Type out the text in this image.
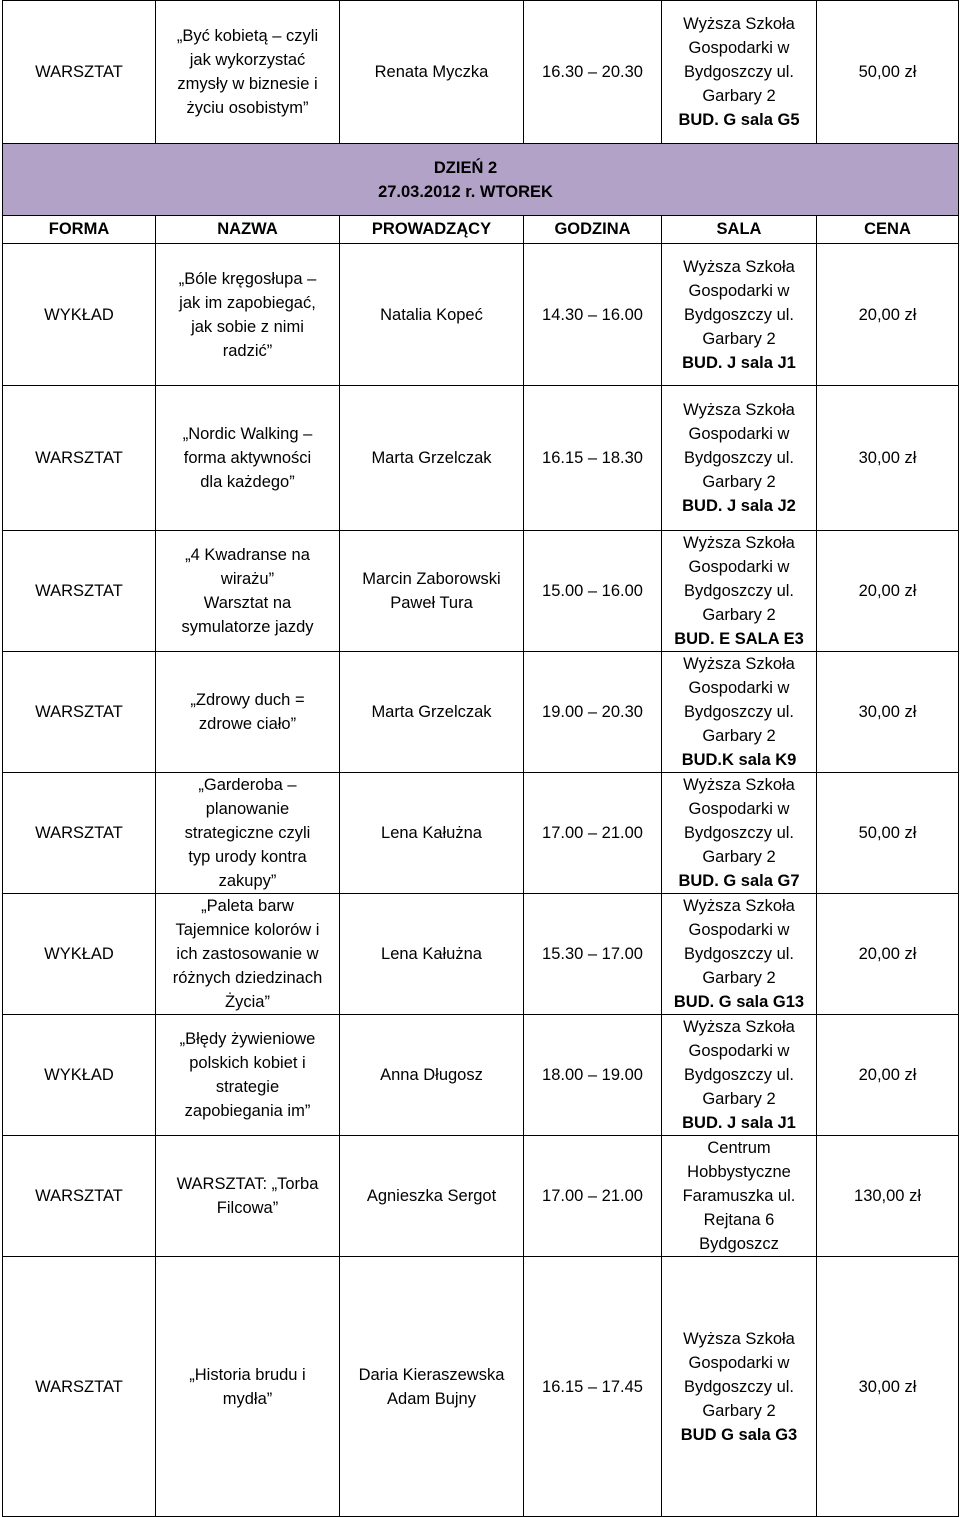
WARSZTAT	„Być kobietą – czyli
jak wykorzystać
zmysły w biznesie i
życiu osobistym”	Renata Myczka	16.30 – 20.30	Wyższa Szkoła
Gospodarki w
Bydgoszczy ul.
Garbary 2
BUD. G sala G5	50,00 zł

DZIEŃ 2
27.03.2012 r. WTOREK					

FORMA	NAZWA	PROWADZĄCY	GODZINA	SALA	CENA
WYKŁAD	„Bóle kręgosłupa –
jak im zapobiegać,
jak sobie z nimi
radzić”	Natalia Kopeć	14.30 – 16.00	Wyższa Szkoła
Gospodarki w
Bydgoszczy ul.
Garbary 2
BUD. J sala J1	20,00 zł
WARSZTAT	„Nordic Walking –
forma aktywności
dla każdego”	Marta Grzelczak	16.15 – 18.30	Wyższa Szkoła
Gospodarki w
Bydgoszczy ul.
Garbary 2
BUD. J sala J2	30,00 zł
WARSZTAT	„4 Kwadranse na
wirażu”
Warsztat na
symulatorze jazdy	Marcin Zaborowski
Paweł Tura	15.00 – 16.00	Wyższa Szkoła
Gospodarki w
Bydgoszczy ul.
Garbary 2
BUD. E SALA E3	20,00 zł
WARSZTAT	„Zdrowy duch =
zdrowe ciało”	Marta Grzelczak	19.00 – 20.30	Wyższa Szkoła
Gospodarki w
Bydgoszczy ul.
Garbary 2
BUD.K sala K9	30,00 zł
WARSZTAT	„Garderoba –
planowanie
strategiczne czyli
typ urody kontra
zakupy”	Lena Kałużna	17.00 – 21.00	Wyższa Szkoła
Gospodarki w
Bydgoszczy ul.
Garbary 2
BUD. G sala G7	50,00 zł
WYKŁAD	„Paleta barw
Tajemnice kolorów i
ich zastosowanie w
różnych dziedzinach
Życia”	Lena Kałużna	15.30 – 17.00	Wyższa Szkoła
Gospodarki w
Bydgoszczy ul.
Garbary 2
BUD. G sala G13	20,00 zł
WYKŁAD	„Błędy żywieniowe
polskich kobiet i
strategie
zapobiegania im”	Anna Długosz	18.00 – 19.00	Wyższa Szkoła
Gospodarki w
Bydgoszczy ul.
Garbary 2
BUD. J sala J1	20,00 zł
WARSZTAT	WARSZTAT: „Torba
Filcowa”	Agnieszka Sergot	17.00 – 21.00	Centrum
Hobbystyczne
Faramuszka ul.
Rejtana 6
Bydgoszcz	130,00 zł
WARSZTAT	„Historia brudu i
mydła”	Daria Kieraszewska
Adam Bujny	16.15 – 17.45	Wyższa Szkoła
Gospodarki w
Bydgoszczy ul.
Garbary 2
BUD G sala G3	30,00 zł
